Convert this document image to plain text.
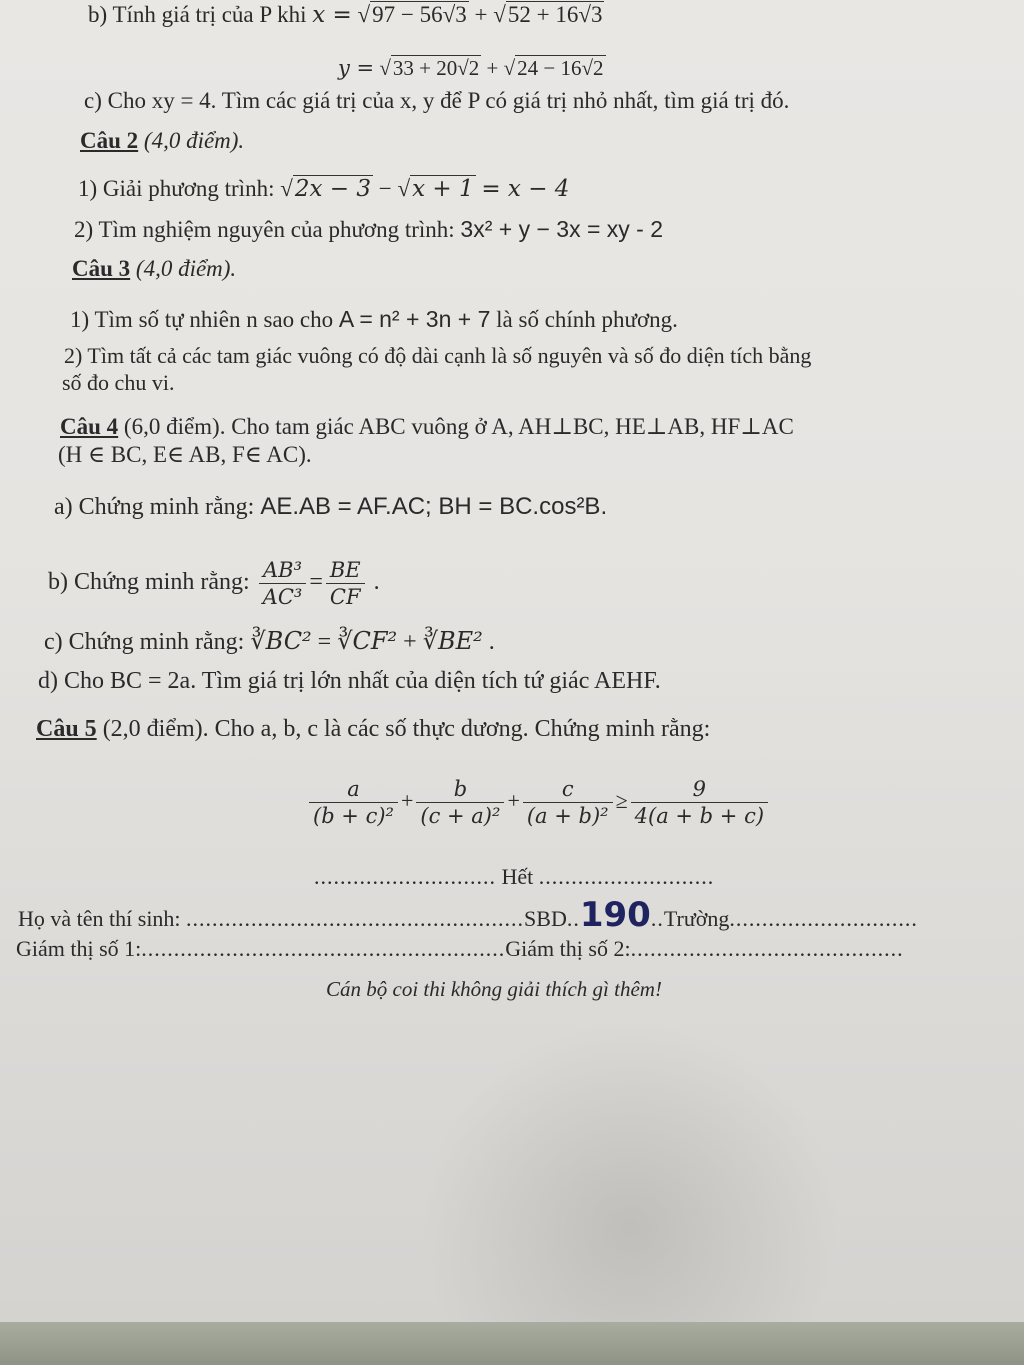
b) Tính giá trị của P khi x = √97 − 56√3 + √52 + 16√3
y = √33 + 20√2 + √24 − 16√2
c) Cho xy = 4. Tìm các giá trị của x, y để P có giá trị nhỏ nhất, tìm giá trị đó.
Câu 2 (4,0 điểm).
1) Giải phương trình: √2x − 3 − √x + 1 = x − 4
2) Tìm nghiệm nguyên của phương trình: 3x² + y − 3x = xy - 2
Câu 3 (4,0 điểm).
1) Tìm số tự nhiên n sao cho A = n² + 3n + 7 là số chính phương.
2) Tìm tất cả các tam giác vuông có độ dài cạnh là số nguyên và số đo diện tích bằng
số đo chu vi.
Câu 4 (6,0 điểm). Cho tam giác ABC vuông ở A, AH⊥BC, HE⊥AB, HF⊥AC
(H ∈ BC, E∈ AB, F∈ AC).
a) Chứng minh rằng: AE.AB = AF.AC; BH = BC.cos²B.
b) Chứng minh rằng: $\frac{\text{AB³}}{\text{AC³}} = \frac{BE}{CF}$ .
c) Chứng minh rằng: ∛BC² = ∛CF² + ∛BE² .
d) Cho BC = 2a. Tìm giá trị lớn nhất của diện tích tứ giác AEHF.
Câu 5 (2,0 điểm). Cho a, b, c là các số thực dương. Chứng minh rằng:
$\frac{a}{\text{(b + c)²}} + \frac{b}{\text{(c + a)²}} + \frac{c}{\text{(a + b)²}} \ge \frac{9}{4(a + b + c)}$
............................ Hết ...........................
Họ và tên thí sinh: ....................................................SBD..190..Trường.............................
Giám thị số 1:........................................................Giám thị số 2:..........................................
Cán bộ coi thi không giải thích gì thêm!
